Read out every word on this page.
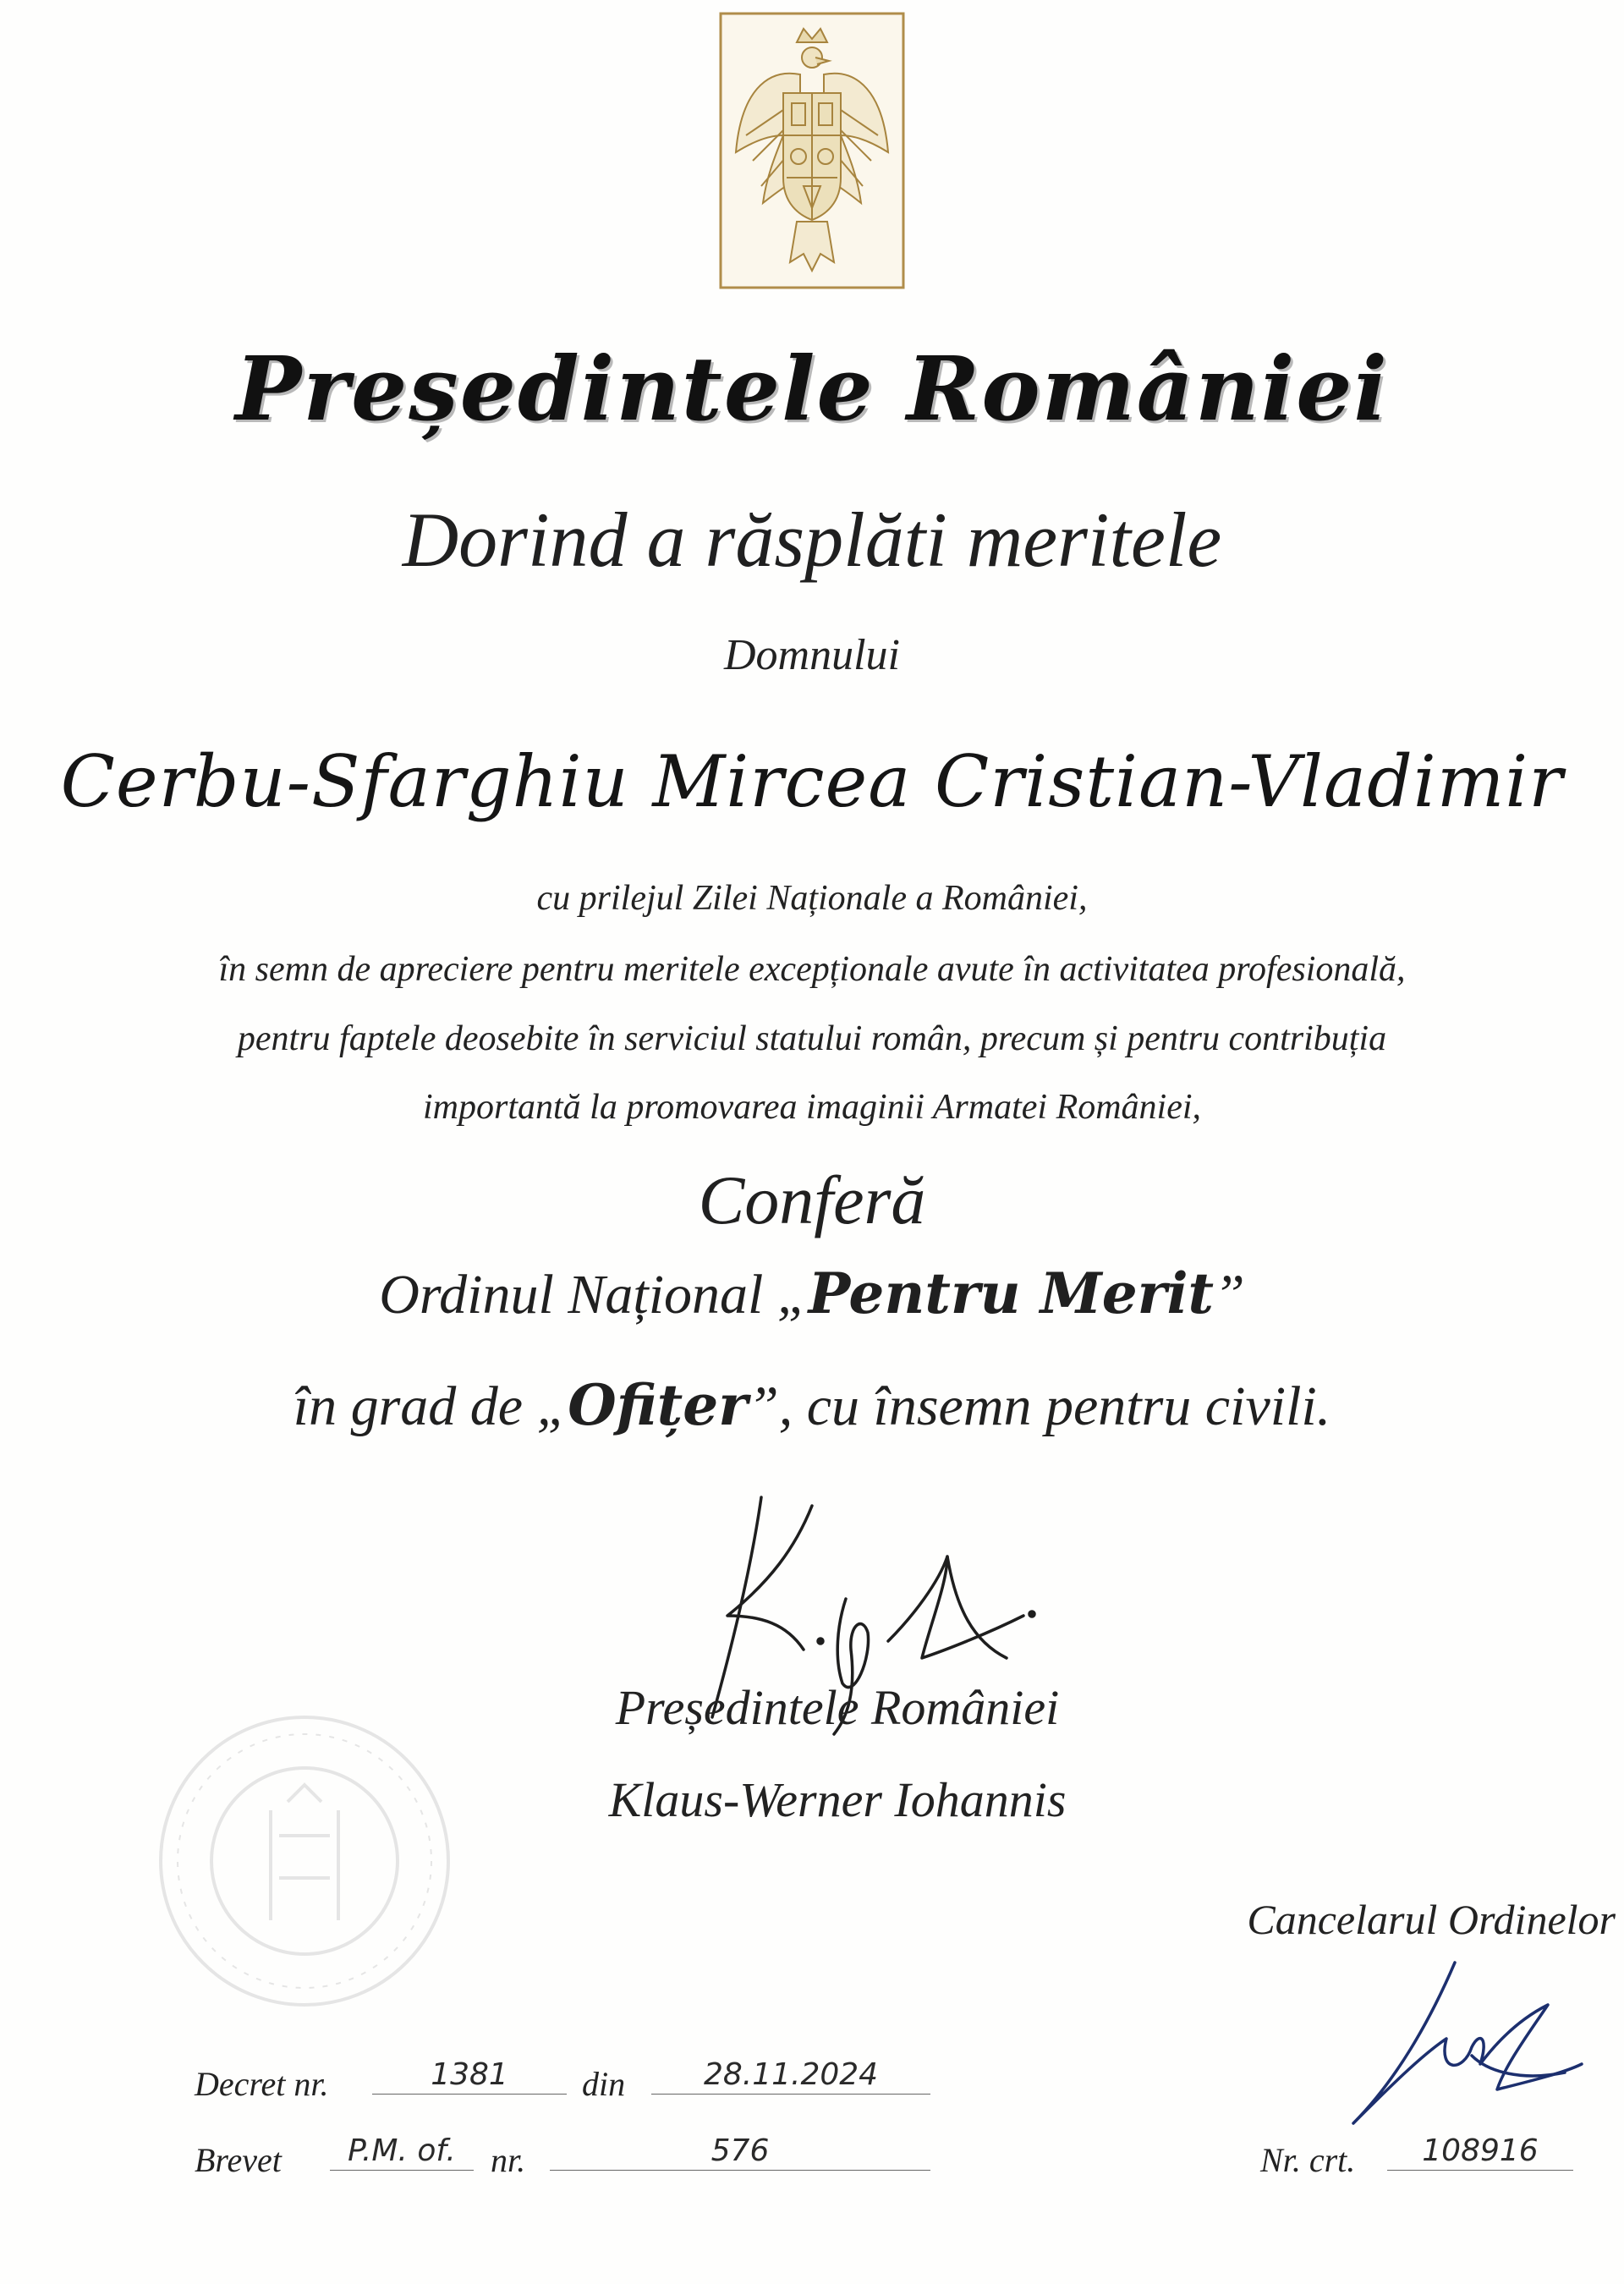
Președintele României
Dorind a răsplăti meritele
Domnului
Cerbu-Sfarghiu Mircea Cristian-Vladimir
cu prilejul Zilei Naționale a României,
în semn de apreciere pentru meritele excepționale avute în activitatea profesională,
pentru faptele deosebite în serviciul statului român, precum și pentru contribuția
importantă la promovarea imaginii Armatei României,
Conferă
Ordinul Național „Pentru Merit”
în grad de „Ofițer”, cu însemn pentru civili.
Președintele României
Klaus-Werner Iohannis
Cancelarul Ordinelor
Decret nr.	1381	din	28.11.2024
Brevet	P.M. of.	nr.	576	Nr. crt.	108916
